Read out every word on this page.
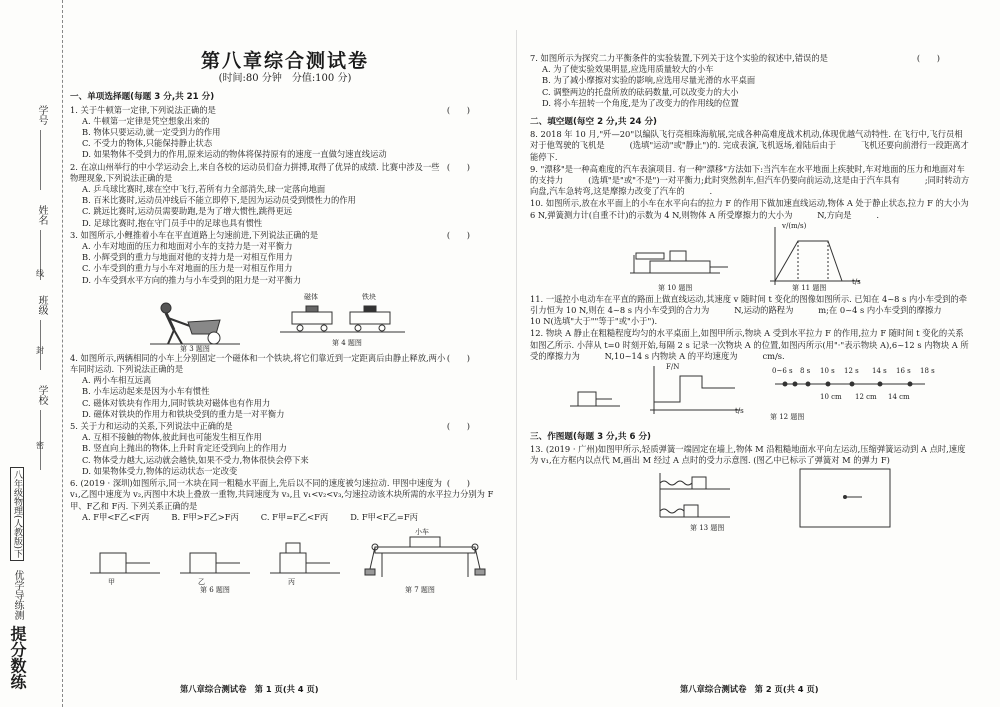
学号
姓名
线
班级
封
学校
密
八年级物理(人教版)下 优学导练测 提分数练
第八章综合测试卷
(时间:80 分钟　分值:100 分)
一、单项选择题(每题 3 分,共 21 分)
(　　)
1. 关于牛顿第一定律,下列说法正确的是
A. 牛顿第一定律是凭空想象出来的
B. 物体只要运动,就一定受到力的作用
C. 不受力的物体,只能保持静止状态
D. 如果物体不受到力的作用,原来运动的物体将保持原有的速度一直做匀速直线运动
(　　)
2. 在凉山州举行的中小学运动会上,来自各校的运动员们奋力拼搏,取得了优异的成绩. 比赛中涉及一些物理现象,下列说法正确的是
A. 乒乓球比赛时,球在空中飞行,若所有力全部消失,球一定落向地面
B. 百米比赛时,运动员冲线后不能立即停下,是因为运动员受到惯性力的作用
C. 跳远比赛时,运动员需要助跑,是为了增大惯性,跳得更远
D. 足球比赛时,抱在守门员手中的足球也具有惯性
(　　)
3. 如图所示,小鲤推着小车在平直道路上匀速前进,下列说法正确的是
A. 小车对地面的压力和地面对小车的支持力是一对平衡力
B. 小辉受到的重力与地面对他的支持力是一对相互作用力
C. 小车受到的重力与小车对地面的压力是一对相互作用力
D. 小车受到水平方向的推力与小车受到的阻力是一对平衡力
磁体	铁块
第 3 题图
第 4 题图
(　　)
4. 如图所示,两辆相同的小车上分别固定一个磁体和一个铁块,将它们靠近到一定距离后由静止释放,两小车同时运动. 下列说法正确的是
A. 两小车相互远离
B. 小车运动起来是因为小车有惯性
C. 磁体对铁块有作用力,同时铁块对磁体也有作用力
D. 磁体对铁块的作用力和铁块受到的重力是一对平衡力
(　　)
5. 关于力和运动的关系,下列说法中正确的是
A. 互相不接触的物体,彼此间也可能发生相互作用
B. 竖直向上抛出的物体,上升时肯定还受到向上的作用力
C. 物体受力越大,运动就会越快,如果不受力,物体很快会停下来
D. 如果物体受力,物体的运动状态一定改变
(　　)
6. (2019 · 深圳)如图所示,同一木块在同一粗糙水平面上,先后以不同的速度被匀速拉动. 甲图中速度为 v₁,乙图中速度为 v₂,丙图中木块上叠放一重物,共同速度为 v₃,且 v₁<v₂<v₃,匀速拉动该木块所需的水平拉力分别为 F甲、F乙和 F丙. 下列关系正确的是
A. F甲<F乙<F丙	B. F甲>F乙>F丙	C. F甲=F乙<F丙	D. F甲<F乙=F丙
甲	乙	丙
小车
第 6 题图	第 7 题图
第八章综合测试卷　第 1 页(共 4 页)
(　　)
7. 如图所示为探究二力平衡条件的实验装置,下列关于这个实验的叙述中,错误的是
A. 为了使实验效果明显,应选用质量较大的小车
B. 为了减小摩擦对实验的影响,应选用尽量光滑的水平桌面
C. 调整两边的托盘所放的砝码数量,可以改变力的大小
D. 将小车扭转一个角度,是为了改变力的作用线的位置
二、填空题(每空 2 分,共 24 分)
8. 2018 年 10 月,"歼—20"以编队飞行亮相珠海航展,完成各种高难度战术机动,体现优越气动特性. 在飞行中,飞行员相对于他驾驶的飞机是　　　(选填"运动"或"静止")的. 完成表演,飞机返场,着陆后由于　　　飞机还要向前滑行一段距离才能停下.
9. "漂移"是一种高难度的汽车表演项目. 有一种"漂移"方法如下:当汽车在水平地面上疾驶时,车对地面的压力和地面对车的支持力　　　(选填"是"或"不是")一对平衡力;此时突然刹车,但汽车仍要向前运动,这是由于汽车具有　　　;同时转动方向盘,汽车急转弯,这是摩擦力改变了汽车的　　　.
10. 如图所示,放在水平面上的小车在水平向右的拉力 F 的作用下做加速直线运动,物体 A 处于静止状态,拉力 F 的大小为 6 N,弹簧测力计(自重不计)的示数为 4 N,则物体 A 所受摩擦力的大小为　　　N,方向是　　　.
v/(m/s)
t/s
第 10 题图	第 11 题图
11. 一遥控小电动车在平直的路面上做直线运动,其速度 v 随时间 t 变化的图像如图所示. 已知在 4~8 s 内小车受到的牵引力恒为 10 N,则在 4~8 s 内小车受到的合力为　　　N,运动的路程为　　　m;在 0~4 s 内小车受到的摩擦力　　　10 N(选填"大于""等于"或"小于").
12. 物块 A 静止在粗糙程度均匀的水平桌面上,如图甲所示,物块 A 受到水平拉力 F 的作用,拉力 F 随时间 t 变化的关系如图乙所示. 小萍从 t=0 时刻开始,每隔 2 s 记录一次物块 A 的位置,如图丙所示(用"·"表示物块 A),6~12 s 内物块 A 所受的摩擦力为　　　N,10~14 s 内物块 A 的平均速度为　　　cm/s.
F/N
t/s
0~6 s 8 s 10 s 12 s 14 s 16 s 18 s
10 cm 12 cm 14 cm
第 12 题图
三、作图题(每题 3 分,共 6 分)
13. (2019 · 广州)如图甲所示,轻质弹簧一端固定在墙上,物体 M 沿粗糙地面水平向左运动,压缩弹簧运动到 A 点时,速度为 v₁,在方框内以点代 M,画出 M 经过 A 点时的受力示意图. (图乙中已标示了弹簧对 M 的弹力 F)
第 13 题图
第八章综合测试卷　第 2 页(共 4 页)
